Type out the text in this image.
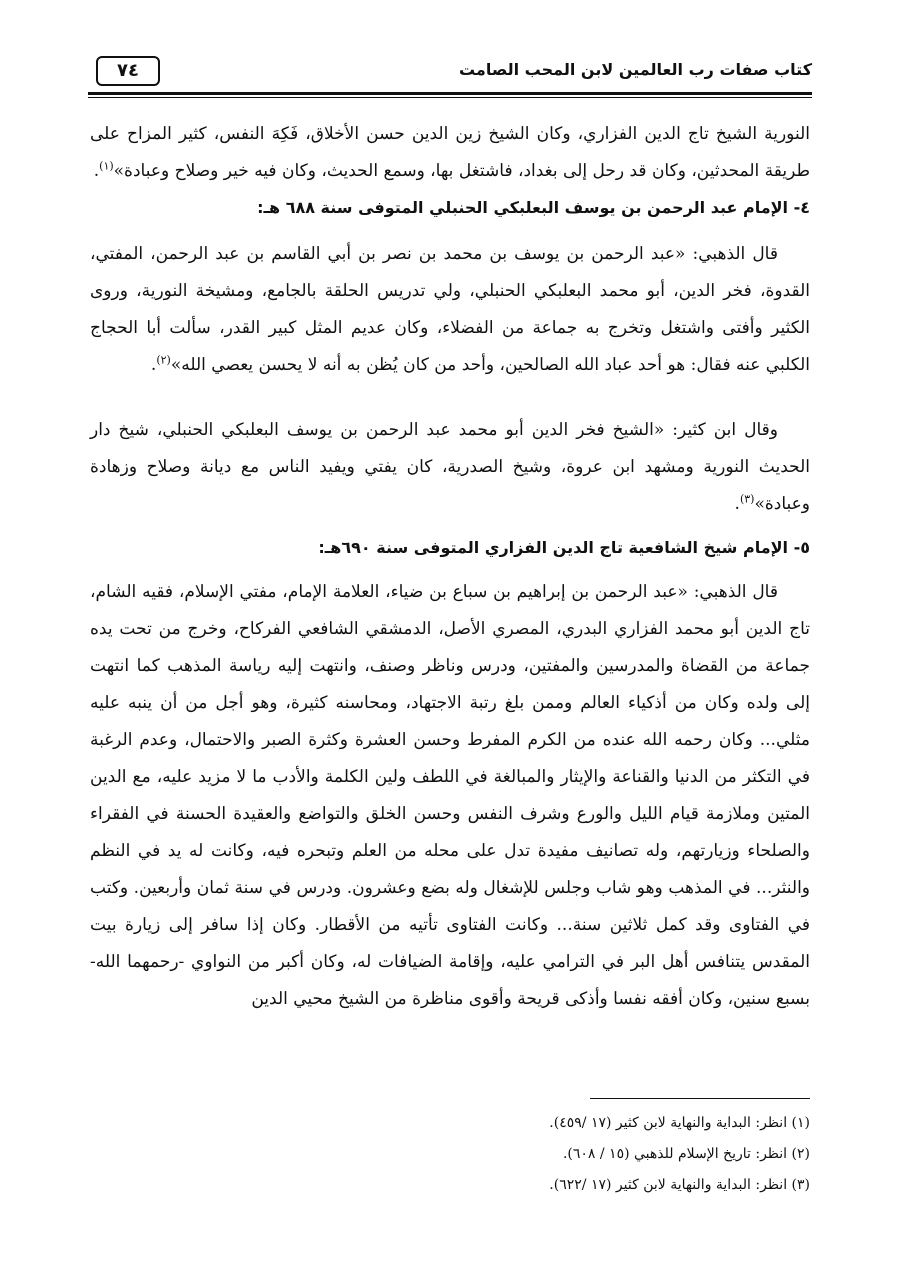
٧٤	كتاب صفات رب العالمين لابن المحب الصامت

النورية الشيخ تاج الدين الفزاري، وكان الشيخ زين الدين حسن الأخلاق، فَكِهَ النفس، كثير المزاح على طريقة المحدثين، وكان قد رحل إلى بغداد، فاشتغل بها، وسمع الحديث، وكان فيه خير وصلاح وعبادة»$^{(١)}$.

٤- الإمام عبد الرحمن بن يوسف البعلبكي الحنبلي المتوفى سنة ٦٨٨ هـ:

قال الذهبي: «عبد الرحمن بن يوسف بن محمد بن نصر بن أبي القاسم بن عبد الرحمن، المفتي، القدوة، فخر الدين، أبو محمد البعلبكي الحنبلي، ولي تدريس الحلقة بالجامع، ومشيخة النورية، وروى الكثير وأفتى واشتغل وتخرج به جماعة من الفضلاء، وكان عديم المثل كبير القدر، سألت أبا الحجاج الكلبي عنه فقال: هو أحد عباد الله الصالحين، وأحد من كان يُظن به أنه لا يحسن يعصي الله»$^{(٢)}$.

وقال ابن كثير: «الشيخ فخر الدين أبو محمد عبد الرحمن بن يوسف البعلبكي الحنبلي، شيخ دار الحديث النورية ومشهد ابن عروة، وشيخ الصدرية، كان يفتي ويفيد الناس مع ديانة وصلاح وزهادة وعبادة»$^{(٣)}$.

٥- الإمام شيخ الشافعية تاج الدين الفزاري المتوفى سنة ٦٩٠هـ:

قال الذهبي: «عبد الرحمن بن إبراهيم بن سباع بن ضياء، العلامة الإمام، مفتي الإسلام، فقيه الشام، تاج الدين أبو محمد الفزاري البدري، المصري الأصل، الدمشقي الشافعي الفركاح، وخرج من تحت يده جماعة من القضاة والمدرسين والمفتين، ودرس وناظر وصنف، وانتهت إليه رياسة المذهب كما انتهت إلى ولده وكان من أذكياء العالم وممن بلغ رتبة الاجتهاد، ومحاسنه كثيرة، وهو أجل من أن ينبه عليه مثلي... وكان رحمه الله عنده من الكرم المفرط وحسن العشرة وكثرة الصبر والاحتمال، وعدم الرغبة في التكثر من الدنيا والقناعة والإيثار والمبالغة في اللطف ولين الكلمة والأدب ما لا مزيد عليه، مع الدين المتين وملازمة قيام الليل والورع وشرف النفس وحسن الخلق والتواضع والعقيدة الحسنة في الفقراء والصلحاء وزيارتهم، وله تصانيف مفيدة تدل على محله من العلم وتبحره فيه، وكانت له يد في النظم والنثر... في المذهب وهو شاب وجلس للإشغال وله بضع وعشرون. ودرس في سنة ثمان وأربعين. وكتب في الفتاوى وقد كمل ثلاثين سنة... وكانت الفتاوى تأتيه من الأقطار. وكان إذا سافر إلى زيارة بيت المقدس يتنافس أهل البر في الترامي عليه، وإقامة الضيافات له، وكان أكبر من النواوي -رحمهما الله- بسبع سنين، وكان أفقه نفسا وأذكى قريحة وأقوى مناظرة من الشيخ محيي الدين

(١) انظر: البداية والنهاية لابن كثير (١٧ /٤٥٩).

(٢) انظر: تاريخ الإسلام للذهبي (١٥ / ٦٠٨).

(٣) انظر: البداية والنهاية لابن كثير (١٧ /٦٢٢).
